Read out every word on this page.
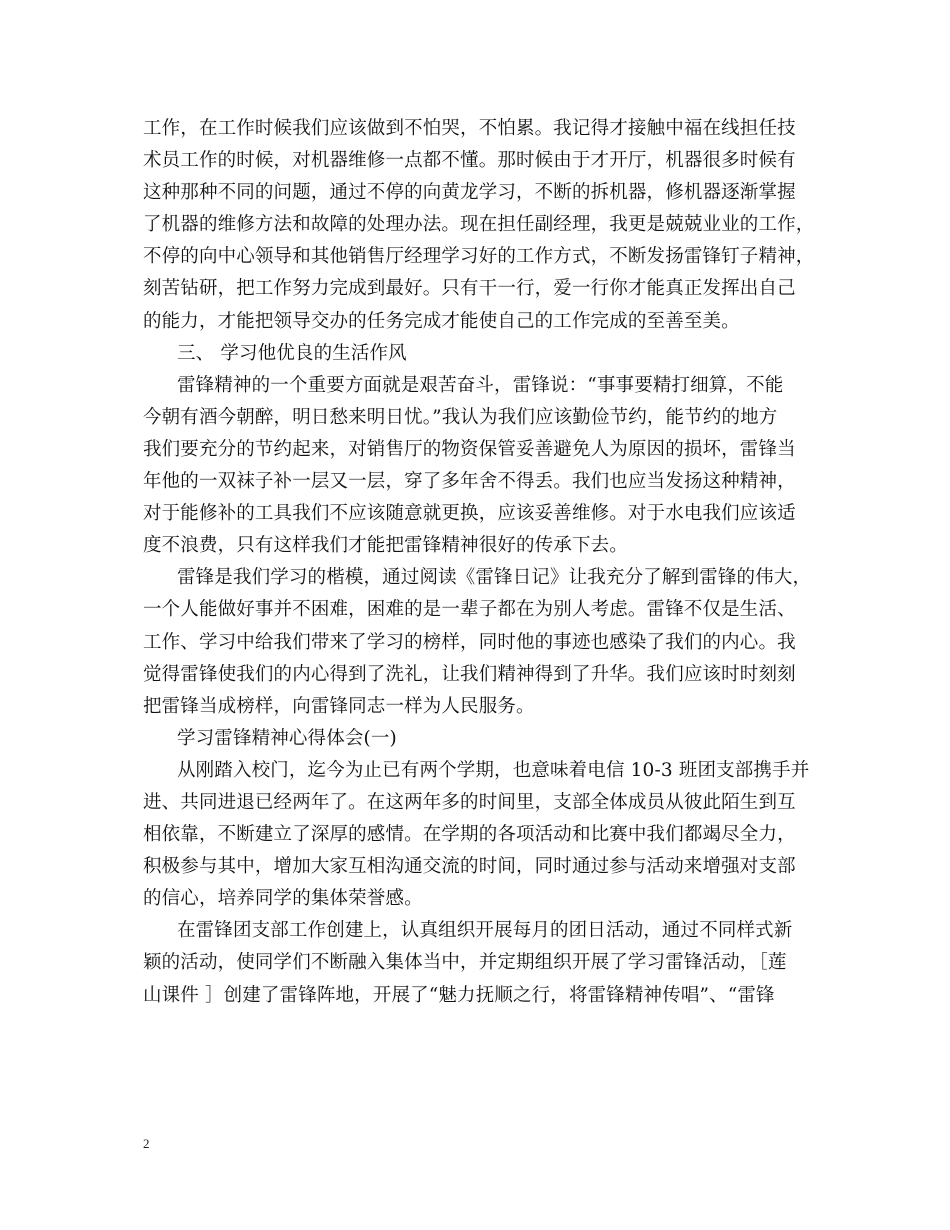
工作，在工作时候我们应该做到不怕哭，不怕累。我记得才接触中福在线担任技
术员工作的时候，对机器维修一点都不懂。那时候由于才开厅，机器很多时候有
这种那种不同的问题，通过不停的向黄龙学习，不断的拆机器，修机器逐渐掌握
了机器的维修方法和故障的处理办法。现在担任副经理，我更是兢兢业业的工作，
不停的向中心领导和其他销售厅经理学习好的工作方式，不断发扬雷锋钉子精神，
刻苦钻研，把工作努力完成到最好。只有干一行，爱一行你才能真正发挥出自己
的能力，才能把领导交办的任务完成才能使自己的工作完成的至善至美。
三、 学习他优良的生活作风
雷锋精神的一个重要方面就是艰苦奋斗，雷锋说：“事事要精打细算，不能
今朝有酒今朝醉，明日愁来明日忧。”我认为我们应该勤俭节约，能节约的地方
我们要充分的节约起来，对销售厅的物资保管妥善避免人为原因的损坏，雷锋当
年他的一双袜子补一层又一层，穿了多年舍不得丢。我们也应当发扬这种精神，
对于能修补的工具我们不应该随意就更换，应该妥善维修。对于水电我们应该适
度不浪费，只有这样我们才能把雷锋精神很好的传承下去。
雷锋是我们学习的楷模，通过阅读《雷锋日记》让我充分了解到雷锋的伟大，
一个人能做好事并不困难，困难的是一辈子都在为别人考虑。雷锋不仅是生活、
工作、学习中给我们带来了学习的榜样，同时他的事迹也感染了我们的内心。我
觉得雷锋使我们的内心得到了洗礼，让我们精神得到了升华。我们应该时时刻刻
把雷锋当成榜样，向雷锋同志一样为人民服务。
学习雷锋精神心得体会(一)
从刚踏入校门，迄今为止已有两个学期，也意味着电信 10-3 班团支部携手并
进、共同进退已经两年了。在这两年多的时间里，支部全体成员从彼此陌生到互
相依靠，不断建立了深厚的感情。在学期的各项活动和比赛中我们都竭尽全力，
积极参与其中，增加大家互相沟通交流的时间，同时通过参与活动来增强对支部
的信心，培养同学的集体荣誉感。
在雷锋团支部工作创建上，认真组织开展每月的团日活动，通过不同样式新
颖的活动，使同学们不断融入集体当中，并定期组织开展了学习雷锋活动，［莲
山课件 ］创建了雷锋阵地，开展了“魅力抚顺之行，将雷锋精神传唱”、“雷锋
2
